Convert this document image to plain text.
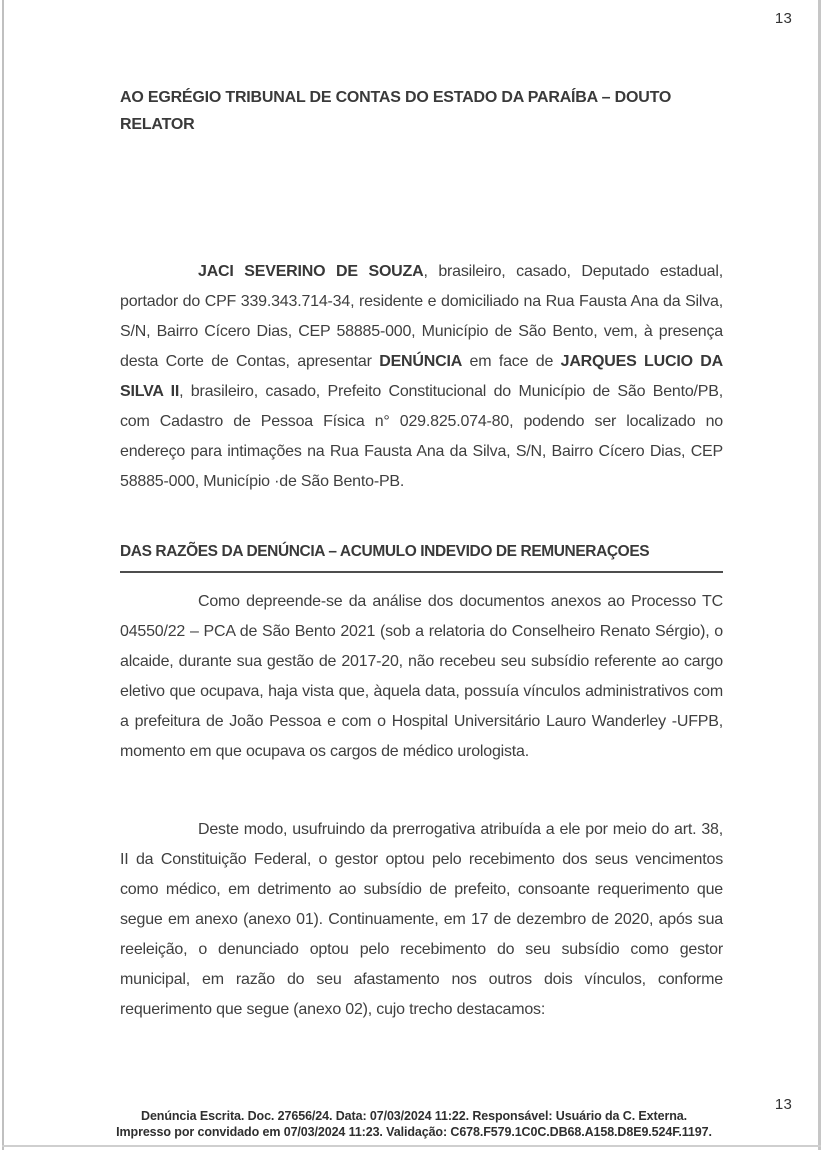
13
AO EGRÉGIO TRIBUNAL DE CONTAS DO ESTADO DA PARAÍBA – DOUTO
RELATOR

JACI SEVERINO DE SOUZA, brasileiro, casado, Deputado estadual, portador do CPF 339.343.714-34, residente e domiciliado na Rua Fausta Ana da Silva, S/N, Bairro Cícero Dias, CEP 58885-000, Município de São Bento, vem, à presença desta Corte de Contas, apresentar DENÚNCIA em face de JARQUES LUCIO DA SILVA II, brasileiro, casado, Prefeito Constitucional do Município de São Bento/PB, com Cadastro de Pessoa Física n° 029.825.074-80, podendo ser localizado no endereço para intimações na Rua Fausta Ana da Silva, S/N, Bairro Cícero Dias, CEP 58885-000, Município ·de São Bento-PB.

DAS RAZÕES DA DENÚNCIA – ACUMULO INDEVIDO DE REMUNERAÇOES

Como depreende-se da análise dos documentos anexos ao Processo TC 04550/22 – PCA de São Bento 2021 (sob a relatoria do Conselheiro Renato Sérgio), o alcaide, durante sua gestão de 2017-20, não recebeu seu subsídio referente ao cargo eletivo que ocupava, haja vista que, àquela data, possuía vínculos administrativos com a prefeitura de João Pessoa e com o Hospital Universitário Lauro Wanderley -UFPB, momento em que ocupava os cargos de médico urologista.

Deste modo, usufruindo da prerrogativa atribuída a ele por meio do art. 38, II da Constituição Federal, o gestor optou pelo recebimento dos seus vencimentos como médico, em detrimento ao subsídio de prefeito, consoante requerimento que segue em anexo (anexo 01). Continuamente, em 17 de dezembro de 2020, após sua reeleição, o denunciado optou pelo recebimento do seu subsídio como gestor municipal, em razão do seu afastamento nos outros dois vínculos, conforme requerimento que segue (anexo 02), cujo trecho destacamos:

Denúncia Escrita. Doc. 27656/24. Data: 07/03/2024 11:22. Responsável: Usuário da C. Externa.
Impresso por convidado em 07/03/2024 11:23. Validação: C678.F579.1C0C.DB68.A158.D8E9.524F.1197.
13
